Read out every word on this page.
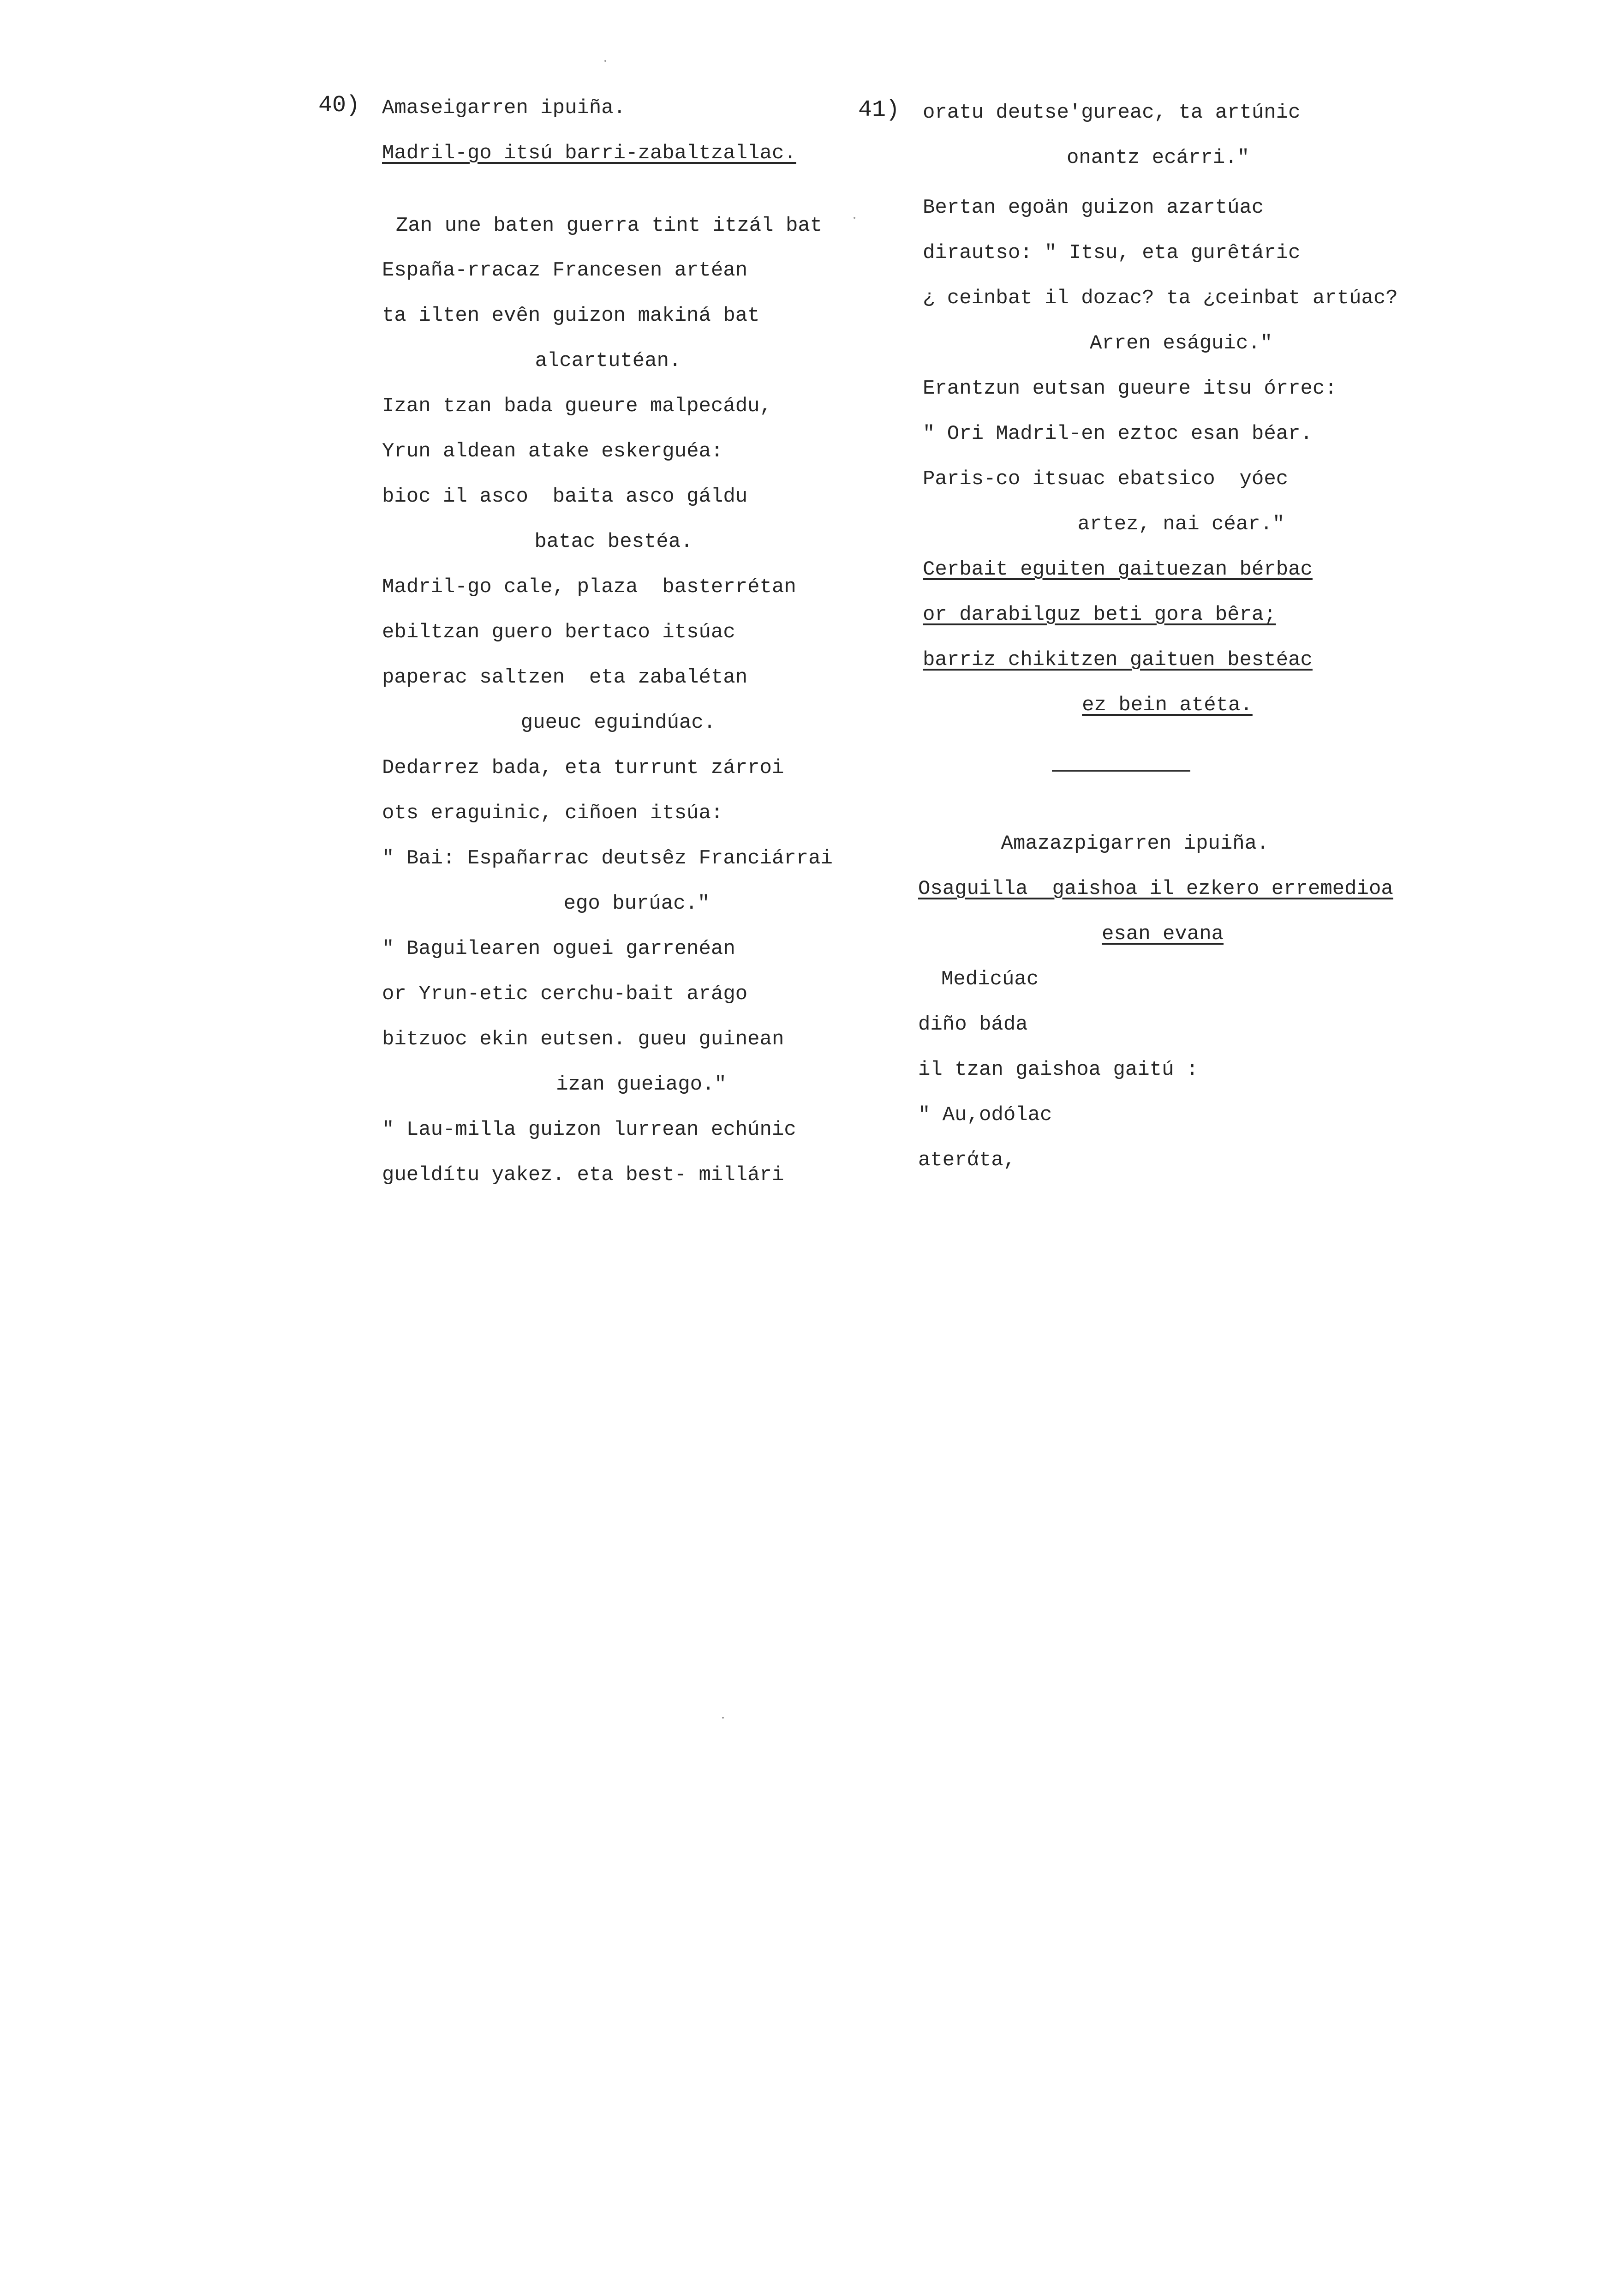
40) Amaseigarren ipuiña.
Madril-go itsú barri-zabaltzallac.
Zan une baten guerra tint itzál bat
España-rracaz Francesen artéan
ta ilten evên guizon makiná bat
alcartutéan.
Izan tzan bada gueure malpecádu,
Yrun aldean atake eskerguéa:
bioc il asco  baita asco gáldu
batac bestéa.
Madril-go cale, plaza  basterrétan
ebiltzan guero bertaco itsúac
paperac saltzen  eta zabalétan
gueuc eguindúac.
Dedarrez bada, eta turrunt zárroi
ots eraguinic, ciñoen itsúa:
" Bai: Españarrac deutsêz Franciárrai
ego burúac."
" Baguilearen oguei garrenéan
or Yrun-etic cerchu-bait arágo
bitzuoc ekin eutsen. gueu guinean
izan gueiago."
" Lau-milla guizon lurrean echúnic
gueldítu yakez. eta best- millári
41) oratu deutse'gureac, ta artúnic
onantz ecárri."
Bertan egoän guizon azartúac
dirautso: " Itsu, eta gurêtáric
¿ ceinbat il dozac? ta ¿ceinbat artúac?
Arren eságuic."
Erantzun eutsan gueure itsu órrec:
" Ori Madril-en eztoc esan béar.
Paris-co itsuac ebatsico  yóec
artez, nai céar."
Cerbait eguiten gaituezan bérbac
or darabilguz beti gora bêra;
barriz chikitzen gaituen bestéac
ez bein atéta.
Amazazpigarren ipuiña.
Osaguilla  gaishoa il ezkero erremedioa
esan evana
Medicúac
diño báda
il tzan gaishoa gaitú :
" Au,odólac
aterάta,
